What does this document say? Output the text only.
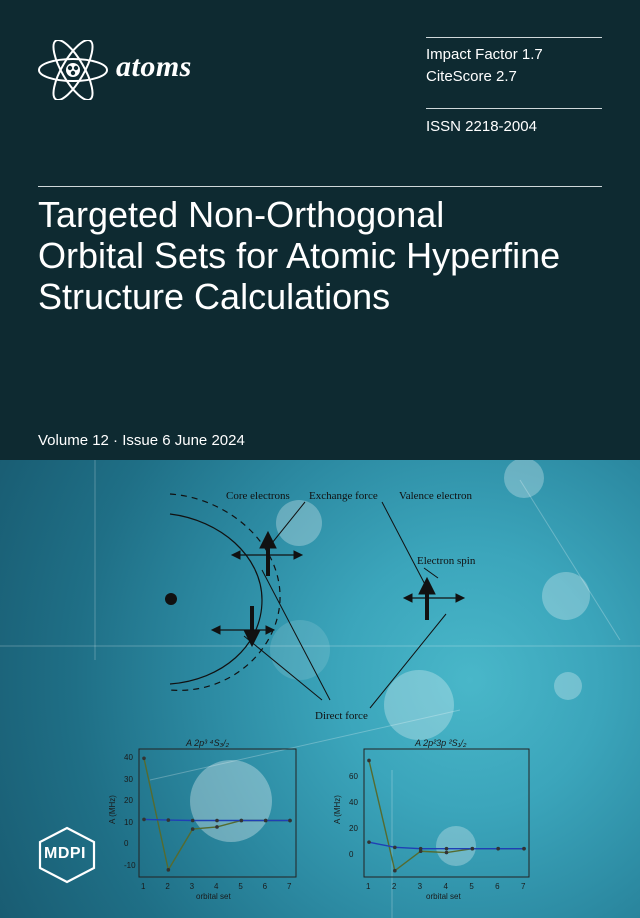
atoms	Impact Factor 1.7
CiteScore 2.7
ISSN 2218-2004
Targeted Non-Orthogonal
Orbital Sets for Atomic Hyperfine
Structure Calculations
Volume 12 · Issue 6 June 2024
Core electrons Exchange force Valence electron
Electron spin
Direct force
A 2p³ ⁴S₃/₂
A (MHz)
orbital set
1 2 3 4 5 6 7
40
30
20
10
0
-10
A 2p²3p ²S₁/₂
A (MHz)
orbital set
1	2	3	4	5	6	7
60
40
20
0
MDPI
